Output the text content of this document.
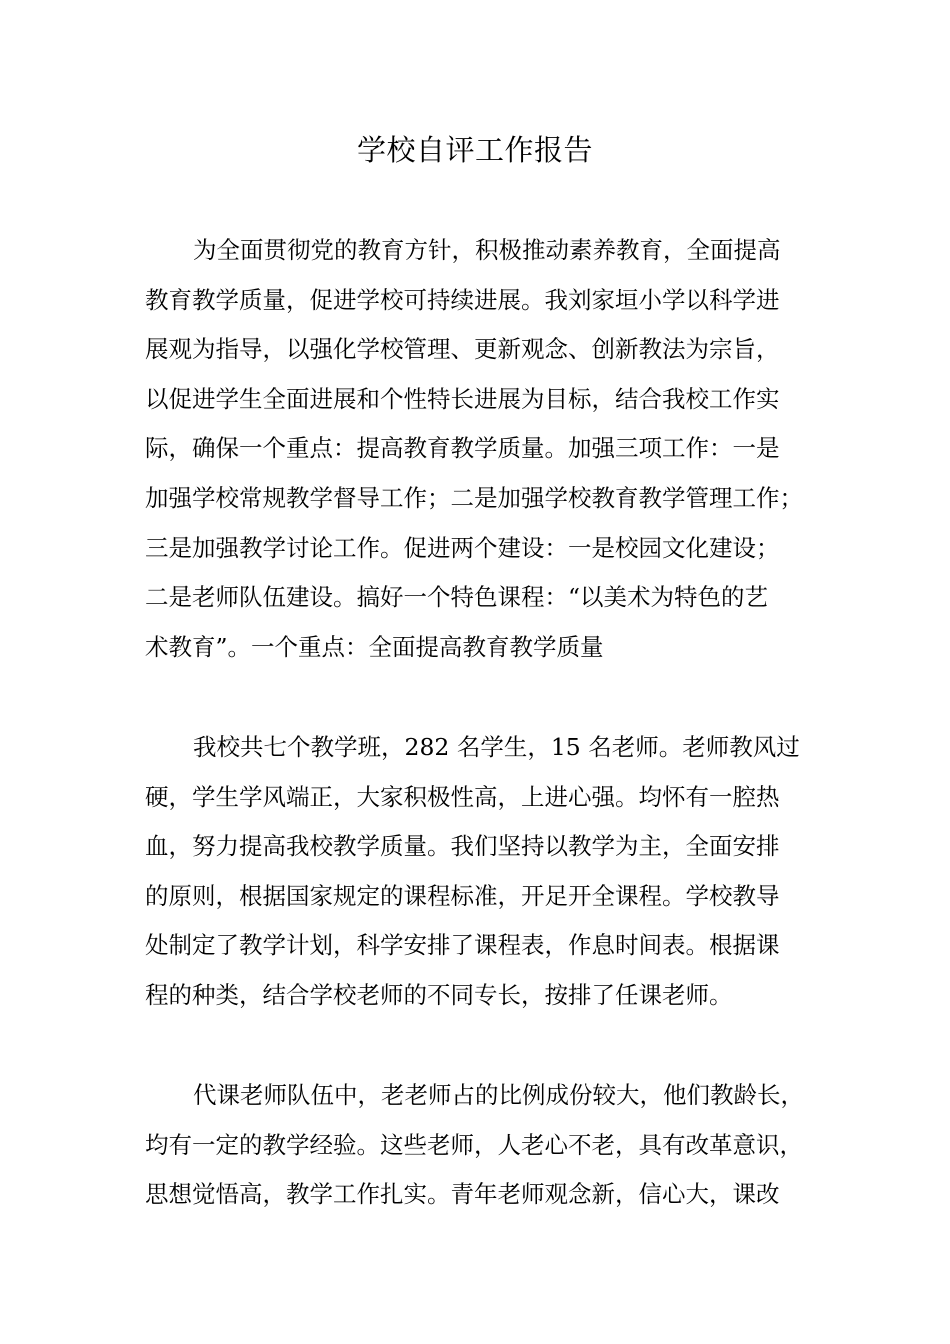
学校自评工作报告
为全面贯彻党的教育方针，积极推动素养教育，全面提高
教育教学质量，促进学校可持续进展。我刘家垣小学以科学进
展观为指导，以强化学校管理、更新观念、创新教法为宗旨，
以促进学生全面进展和个性特长进展为目标，结合我校工作实
际，确保一个重点：提高教育教学质量。加强三项工作：一是
加强学校常规教学督导工作；二是加强学校教育教学管理工作；
三是加强教学讨论工作。促进两个建设：一是校园文化建设；
二是老师队伍建设。搞好一个特色课程：“以美术为特色的艺
术教育”。一个重点：全面提高教育教学质量
我校共七个教学班，282 名学生，15 名老师。老师教风过
硬，学生学风端正，大家积极性高，上进心强。均怀有一腔热
血，努力提高我校教学质量。我们坚持以教学为主，全面安排
的原则，根据国家规定的课程标准，开足开全课程。学校教导
处制定了教学计划，科学安排了课程表，作息时间表。根据课
程的种类，结合学校老师的不同专长，按排了任课老师。
代课老师队伍中，老老师占的比例成份较大，他们教龄长，
均有一定的教学经验。这些老师，人老心不老，具有改革意识，
思想觉悟高，教学工作扎实。青年老师观念新，信心大，课改
